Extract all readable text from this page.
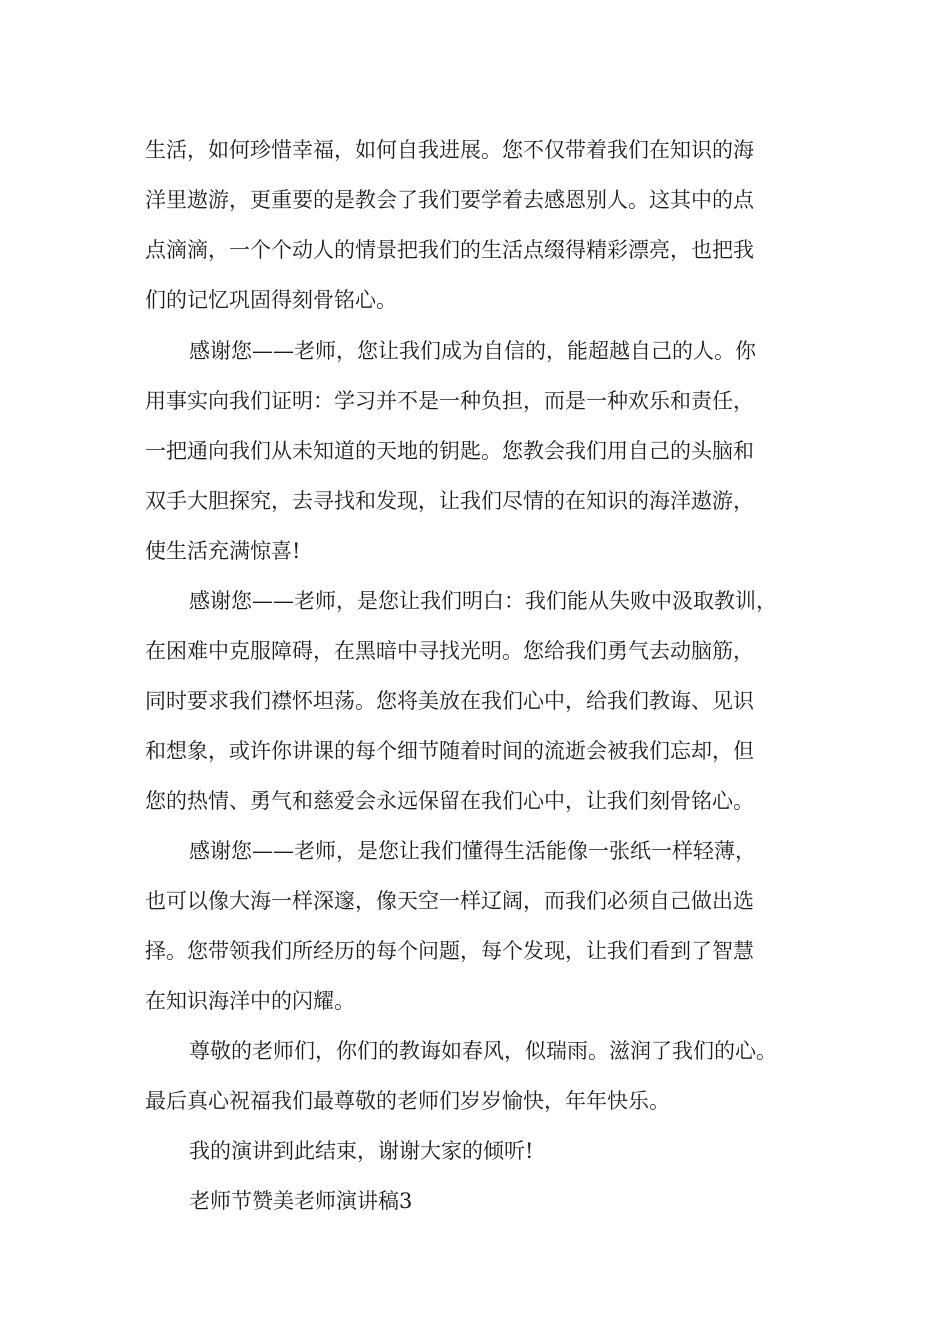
生活，如何珍惜幸福，如何自我进展。您不仅带着我们在知识的海
洋里遨游，更重要的是教会了我们要学着去感恩别人。这其中的点
点滴滴，一个个动人的情景把我们的生活点缀得精彩漂亮，也把我
们的记忆巩固得刻骨铭心。
感谢您——老师，您让我们成为自信的，能超越自己的人。你
用事实向我们证明：学习并不是一种负担，而是一种欢乐和责任，
一把通向我们从未知道的天地的钥匙。您教会我们用自己的头脑和
双手大胆探究，去寻找和发现，让我们尽情的在知识的海洋遨游，
使生活充满惊喜!
感谢您——老师，是您让我们明白：我们能从失败中汲取教训，
在困难中克服障碍，在黑暗中寻找光明。您给我们勇气去动脑筋，
同时要求我们襟怀坦荡。您将美放在我们心中，给我们教诲、见识
和想象，或许你讲课的每个细节随着时间的流逝会被我们忘却，但
您的热情、勇气和慈爱会永远保留在我们心中，让我们刻骨铭心。
感谢您——老师，是您让我们懂得生活能像一张纸一样轻薄，
也可以像大海一样深邃，像天空一样辽阔，而我们必须自己做出选
择。您带领我们所经历的每个问题，每个发现，让我们看到了智慧
在知识海洋中的闪耀。
尊敬的老师们，你们的教诲如春风，似瑞雨。滋润了我们的心。
最后真心祝福我们最尊敬的老师们岁岁愉快，年年快乐。
我的演讲到此结束，谢谢大家的倾听!
老师节赞美老师演讲稿3
